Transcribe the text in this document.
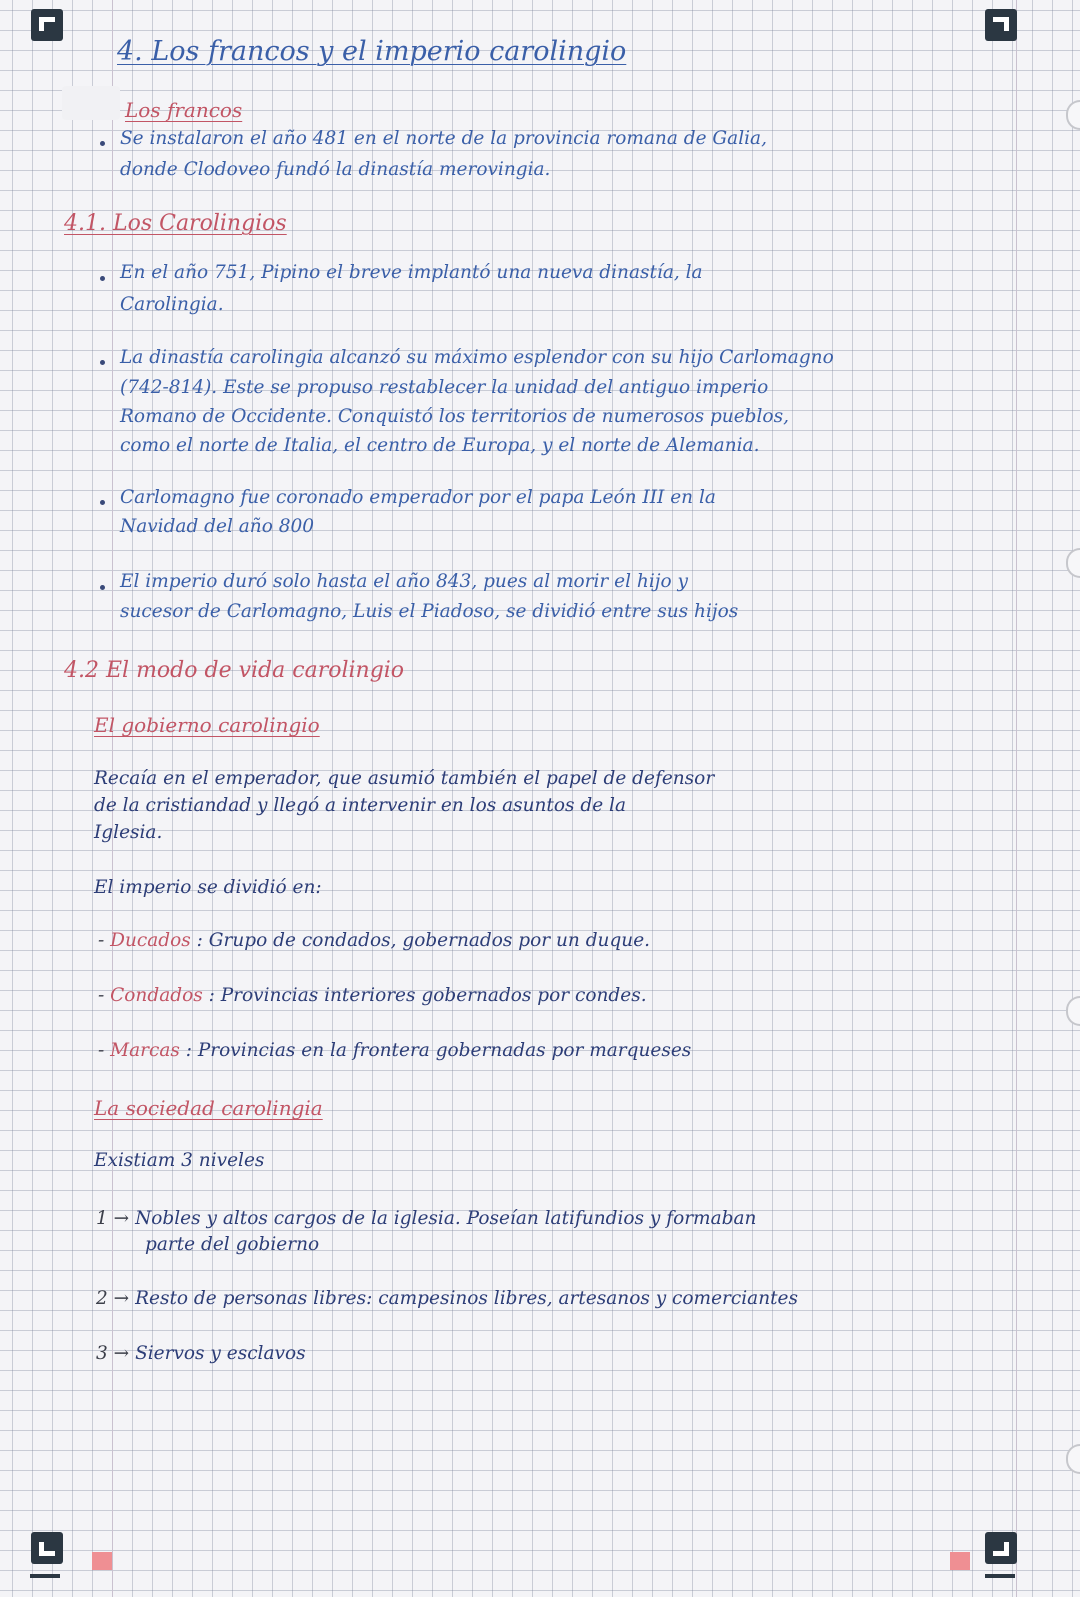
4. Los francos y el imperio carolingio
Los francos
Se instalaron el año 481 en el norte de la provincia romana de Galia,
donde Clodoveo fundó la dinastía merovingia.
4.1. Los Carolingios
En el año 751, Pipino el breve implantó una nueva dinastía, la
Carolingia.
La dinastía carolingia alcanzó su máximo esplendor con su hijo Carlomagno
(742-814). Este se propuso restablecer la unidad del antiguo imperio
Romano de Occidente. Conquistó los territorios de numerosos pueblos,
como el norte de Italia, el centro de Europa, y el norte de Alemania.
Carlomagno fue coronado emperador por el papa León III en la
Navidad del año 800
El imperio duró solo hasta el año 843, pues al morir el hijo y
sucesor de Carlomagno, Luis el Piadoso, se dividió entre sus hijos
4.2 El modo de vida carolingio
El gobierno carolingio
Recaía en el emperador, que asumió también el papel de defensor
de la cristiandad y llegó a intervenir en los asuntos de la
Iglesia.
El imperio se dividió en:
- Ducados : Grupo de condados, gobernados por un duque.
- Condados : Provincias interiores gobernados por condes.
- Marcas : Provincias en la frontera gobernadas por marqueses
La sociedad carolingia
Existiam 3 niveles
1 → Nobles y altos cargos de la iglesia. Poseían latifundios y formaban
parte del gobierno
2 → Resto de personas libres: campesinos libres, artesanos y comerciantes
3 → Siervos y esclavos
